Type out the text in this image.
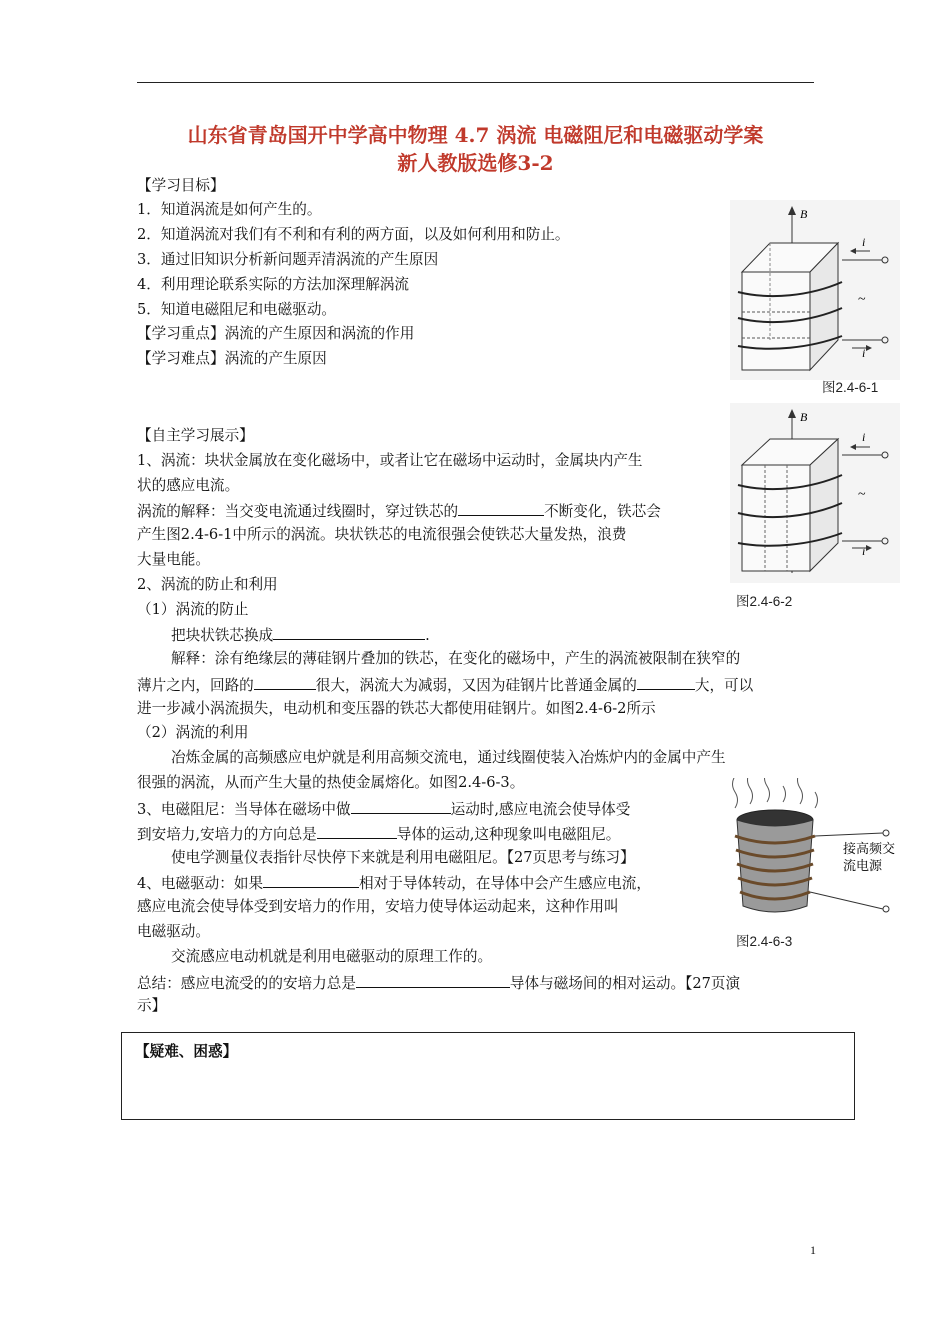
山东省青岛国开中学高中物理 4.7 涡流 电磁阻尼和电磁驱动学案
新人教版选修3-2
【学习目标】
1．知道涡流是如何产生的。
2．知道涡流对我们有不利和有利的两方面，以及如何利用和防止。
3．通过旧知识分析新问题弄清涡流的产生原因
4．利用理论联系实际的方法加深理解涡流
5．知道电磁阻尼和电磁驱动。
【学习重点】涡流的产生原因和涡流的作用
【学习难点】涡流的产生原因
【自主学习展示】
1、涡流：块状金属放在变化磁场中，或者让它在磁场中运动时，金属块内产生
状的感应电流。
涡流的解释：当交变电流通过线圈时，穿过铁芯的	不断变化，铁芯会
产生图2.4-6-1中所示的涡流。块状铁芯的电流很强会使铁芯大量发热，浪费
大量电能。
2、涡流的防止和利用
（1）涡流的防止
把块状铁芯换成	.
解释：涂有绝缘层的薄硅钢片叠加的铁芯，在变化的磁场中，产生的涡流被限制在狭窄的
薄片之内，回路的	很大，涡流大为减弱，又因为硅钢片比普通金属的	大，可以
进一步减小涡流损失，电动机和变压器的铁芯大都使用硅钢片。如图2.4-6-2所示
（2）涡流的利用
冶炼金属的高频感应电炉就是利用高频交流电，通过线圈使装入冶炼炉内的金属中产生
很强的涡流，从而产生大量的热使金属熔化。如图2.4-6-3。
3、电磁阻尼：当导体在磁场中做	运动时,感应电流会使导体受
到安培力,安培力的方向总是	导体的运动,这种现象叫电磁阻尼。
使电学测量仪表指针尽快停下来就是利用电磁阻尼。【27页思考与练习】
4、电磁驱动：如果	相对于导体转动，在导体中会产生感应电流，
感应电流会使导体受到安培力的作用，安培力使导体运动起来，这种作用叫
电磁驱动。
交流感应电动机就是利用电磁驱动的原理工作的。
总结：感应电流受的的安培力总是	导体与磁场间的相对运动。【27页演
示】
B
i
~
i
图2.4-6-1
B
i
~
i
图2.4-6-2
接高频交
流电源
图2.4-6-3
【疑难、困惑】
1
